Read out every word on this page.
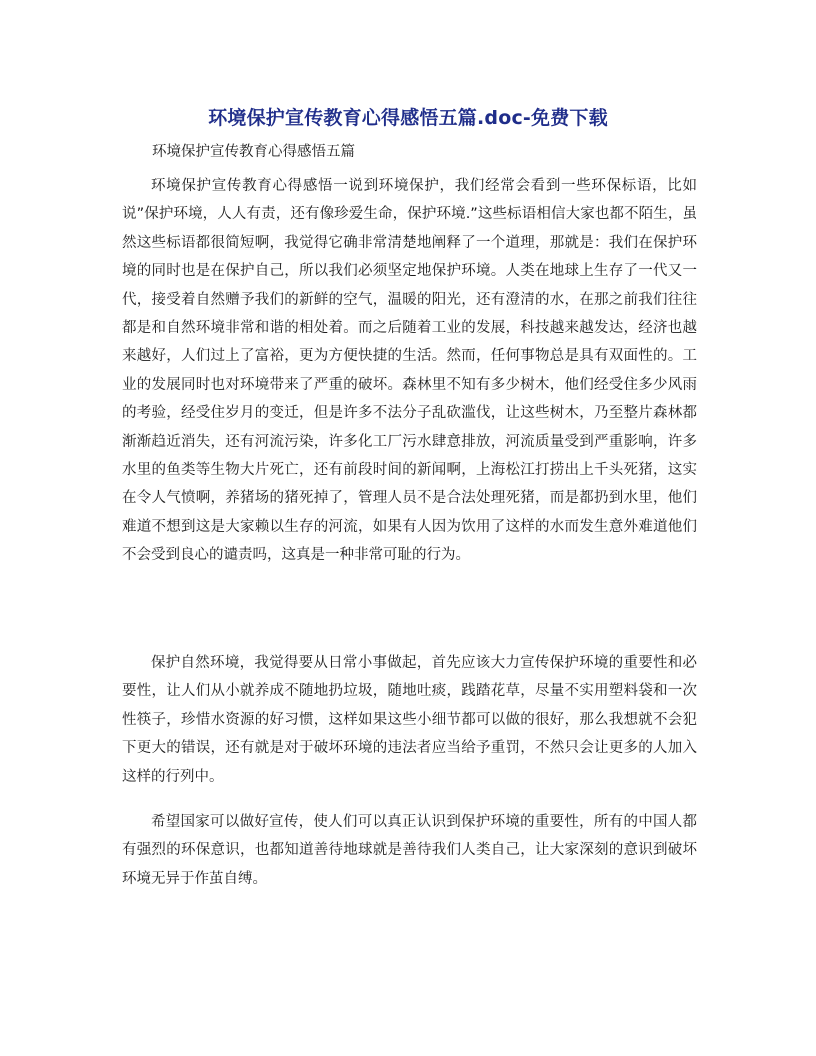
环境保护宣传教育心得感悟五篇.doc-免费下载
环境保护宣传教育心得感悟五篇

环境保护宣传教育心得感悟一说到环境保护，我们经常会看到一些环保标语，比如说”保护环境，人人有责，还有像珍爱生命，保护环境.”这些标语相信大家也都不陌生，虽然这些标语都很简短啊，我觉得它确非常清楚地阐释了一个道理，那就是：我们在保护环境的同时也是在保护自己，所以我们必须坚定地保护环境。人类在地球上生存了一代又一代，接受着自然赠予我们的新鲜的空气，温暖的阳光，还有澄清的水，在那之前我们往往都是和自然环境非常和谐的相处着。而之后随着工业的发展，科技越来越发达，经济也越来越好，人们过上了富裕，更为方便快捷的生活。然而，任何事物总是具有双面性的。工业的发展同时也对环境带来了严重的破坏。森林里不知有多少树木，他们经受住多少风雨的考验，经受住岁月的变迁，但是许多不法分子乱砍滥伐，让这些树木，乃至整片森林都渐渐趋近消失，还有河流污染，许多化工厂污水肆意排放，河流质量受到严重影响，许多水里的鱼类等生物大片死亡，还有前段时间的新闻啊，上海松江打捞出上千头死猪，这实在令人气愤啊，养猪场的猪死掉了，管理人员不是合法处理死猪，而是都扔到水里，他们难道不想到这是大家赖以生存的河流，如果有人因为饮用了这样的水而发生意外难道他们不会受到良心的谴责吗，这真是一种非常可耻的行为。

保护自然环境，我觉得要从日常小事做起，首先应该大力宣传保护环境的重要性和必要性，让人们从小就养成不随地扔垃圾，随地吐痰，践踏花草，尽量不实用塑料袋和一次性筷子，珍惜水资源的好习惯，这样如果这些小细节都可以做的很好，那么我想就不会犯下更大的错误，还有就是对于破坏环境的违法者应当给予重罚，不然只会让更多的人加入这样的行列中。

希望国家可以做好宣传，使人们可以真正认识到保护环境的重要性，所有的中国人都有强烈的环保意识，也都知道善待地球就是善待我们人类自己，让大家深刻的意识到破坏环境无异于作茧自缚。
